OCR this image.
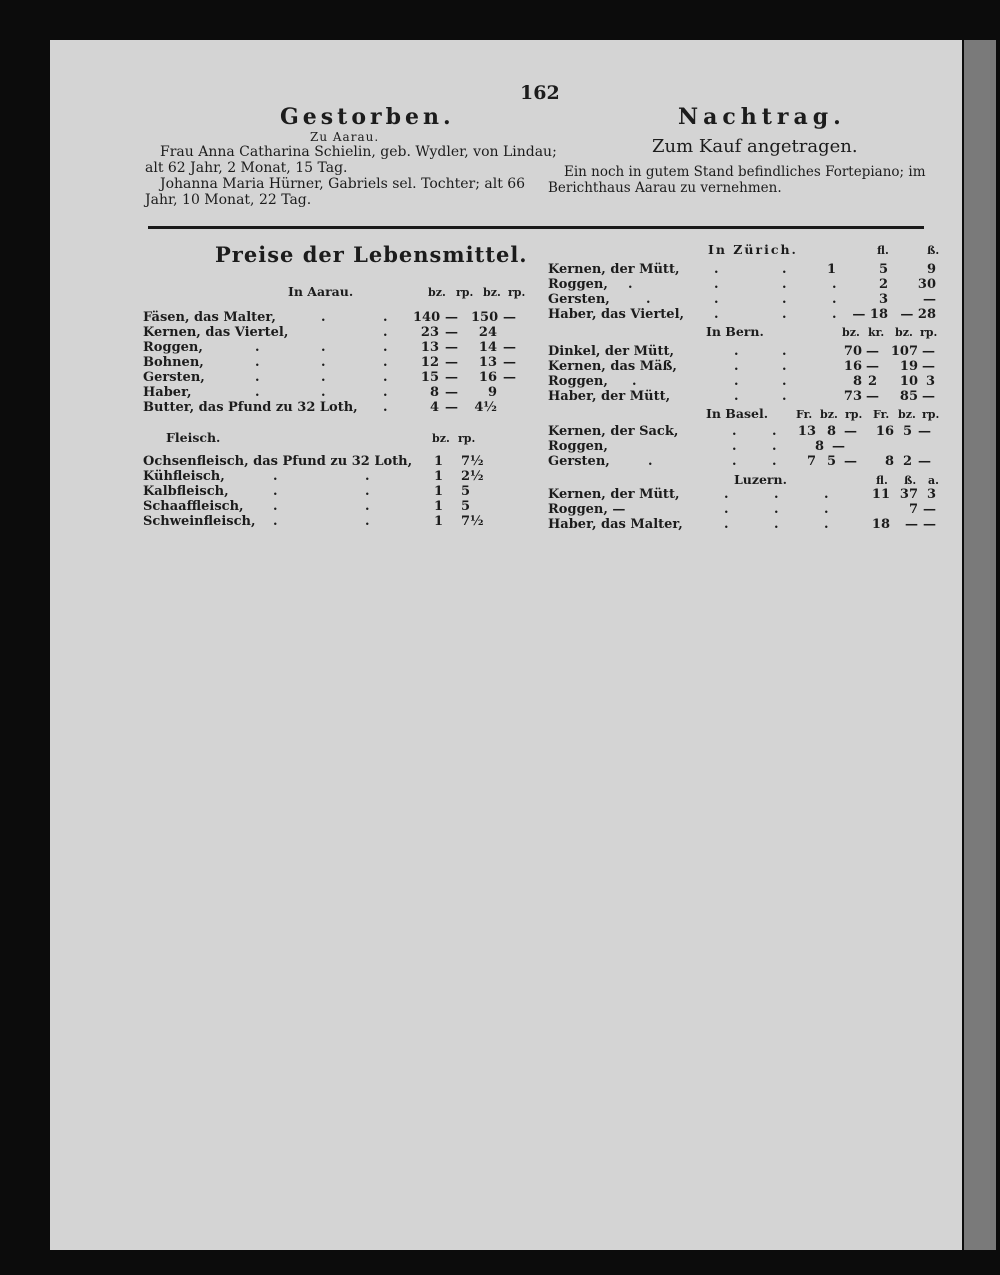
162
Gestorben.
Zu Aarau.
Frau Anna Catharina Schielin, geb. Wydler, von Lindau;
alt 62 Jahr, 2 Monat, 15 Tag.
Johanna Maria Hürner, Gabriels sel. Tochter; alt 66
Jahr, 10 Monat, 22 Tag.
Nachtrag.
Zum Kauf angetragen.
Ein noch in gutem Stand befindliches Fortepiano; im
Berichthaus Aarau zu vernehmen.
Preise der Lebensmittel.
In Aarau.	bz. rp. bz. rp.
Fäsen, das Malter,	.	. 140 — 150 —
Kernen, das Viertel,	.	23 —	24
Roggen,	.	.	.	13 —	14 —
Bohnen,	.	.	.	12 —	13 —
Gersten,	.	.	.	15 —	16 —
Haber,	.	.	.	8 —	9
Butter, das Pfund zu 32 Loth, .	4 — 4½
Fleisch.	bz. rp.
Ochsenfleisch, das Pfund zu 32 Loth,	1 7½
Kühfleisch,	.	.	1 2½
Kalbfleisch,	.	.	1 5
Schaaffleisch, .	.	1 5
Schweinfleisch, .	.	1 7½
In Zürich.	fl.	ß.
Kernen, der Mütt,	.	.	1	5	9
Roggen, .	.	.	.	2	30
Gersten,	.	.	.	.	3	—
Haber, das Viertel, .	.	.	— 18 — 28
In Bern.	bz. kr. bz. rp.
Dinkel, der Mütt,	.	.	70 — 107 —
Kernen, das Mäß,	.	.	16 —	19 —
Roggen, .	.	.	8 2	10 3
Haber, der Mütt,	.	.	73 —	85 —
In Basel.	Fr. bz. rp. Fr. bz. rp.
Kernen, der Sack,	.	.	13 8 —	16 5 —
Roggen,	.	.	8 —
Gersten,	.	.	.	7 5 —	8 2 —
Luzern.	fl. ß. a.
Kernen, der Mütt,	.	.	.	11 37 3
Roggen, —	.	.	.	7 —
Haber, das Malter,	.	.	.	18	— —
